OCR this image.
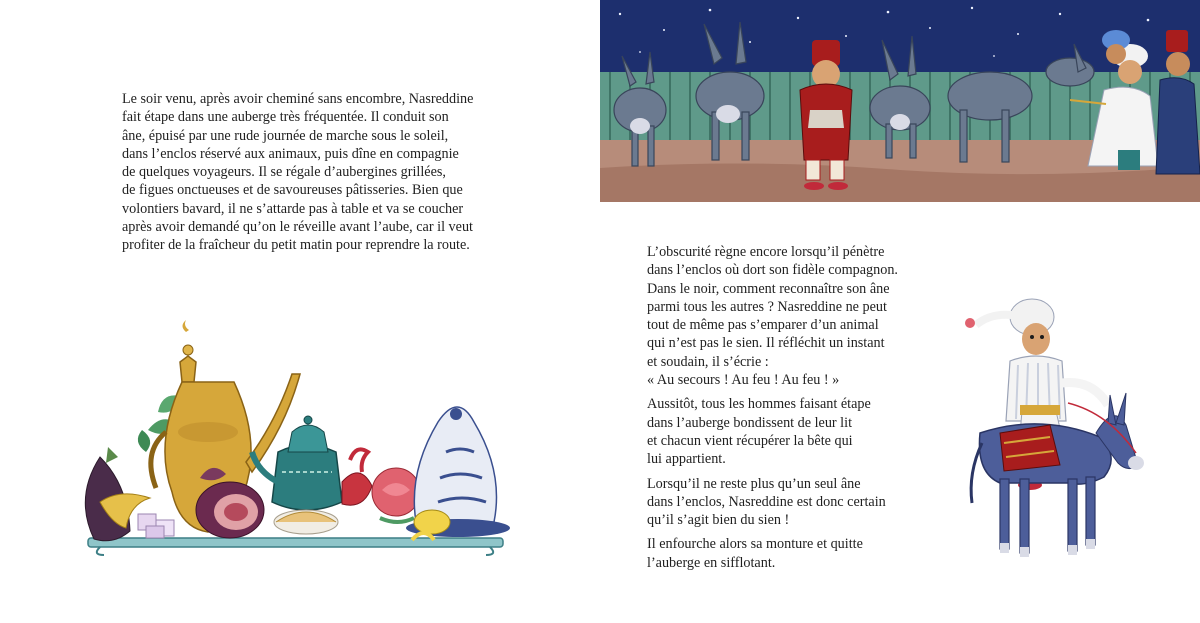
Le soir venu, après avoir cheminé sans encombre, Nasreddine
fait étape dans une auberge très fréquentée. Il conduit son
âne, épuisé par une rude journée de marche sous le soleil,
dans l’enclos réservé aux animaux, puis dîne en compagnie
de quelques voyageurs. Il se régale d’aubergines grillées,
de figues onctueuses et de savoureuses pâtisseries. Bien que
volontiers bavard, il ne s’attarde pas à table et va se coucher
après avoir demandé qu’on le réveille avant l’aube, car il veut
profiter de la fraîcheur du petit matin pour reprendre la route.	L’obscurité règne encore lorsqu’il pénètre
dans l’enclos où dort son fidèle compagnon.
Dans le noir, comment reconnaître son âne
parmi tous les autres ? Nasreddine ne peut
tout de même pas s’emparer d’un animal
qui n’est pas le sien. Il réfléchit un instant
et soudain, il s’écrie :
« Au secours ! Au feu ! Au feu ! »

Aussitôt, tous les hommes faisant étape
dans l’auberge bondissent de leur lit
et chacun vient récupérer la bête qui
lui appartient.

Lorsqu’il ne reste plus qu’un seul âne
dans l’enclos, Nasreddine est donc certain
qu’il s’agit bien du sien !

Il enfourche alors sa monture et quitte
l’auberge en sifflotant.
